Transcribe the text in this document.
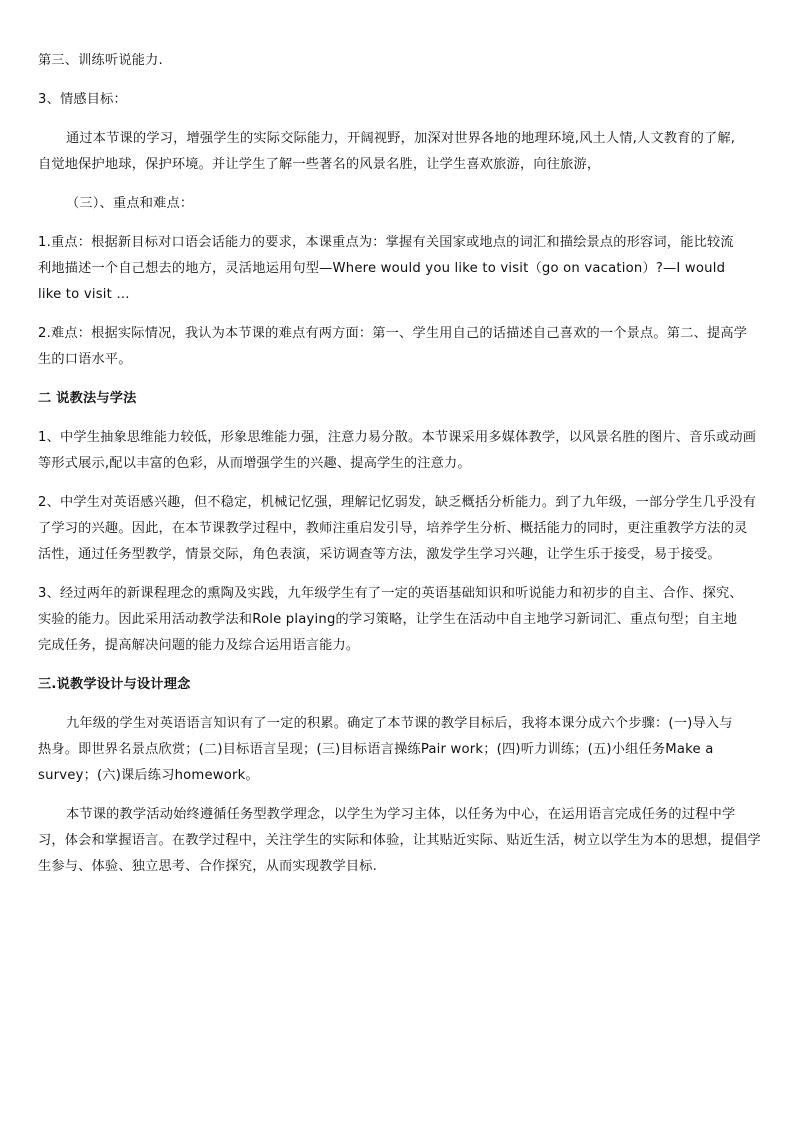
第三、训练听说能力.
3、情感目标：
通过本节课的学习，增强学生的实际交际能力，开阔视野，加深对世界各地的地理环境,风土人情,人文教育的了解,
自觉地保护地球，保护环境。并让学生了解一些著名的风景名胜，让学生喜欢旅游，向往旅游，
（三）、重点和难点：
1.重点：根据新目标对口语会话能力的要求，本课重点为：掌握有关国家或地点的词汇和描绘景点的形容词，能比较流
利地描述一个自己想去的地方，灵活地运用句型—Where would you like to visit（go on vacation）?—I would
like to visit …
2.难点：根据实际情况，我认为本节课的难点有两方面：第一、学生用自己的话描述自己喜欢的一个景点。第二、提高学
生的口语水平。
二 说教法与学法
1、中学生抽象思维能力较低，形象思维能力强，注意力易分散。本节课采用多媒体教学，以风景名胜的图片、音乐或动画
等形式展示,配以丰富的色彩，从而增强学生的兴趣、提高学生的注意力。
2、中学生对英语感兴趣，但不稳定，机械记忆强，理解记忆弱发，缺乏概括分析能力。到了九年级，一部分学生几乎没有
了学习的兴趣。因此，在本节课教学过程中，教师注重启发引导，培养学生分析、概括能力的同时，更注重教学方法的灵
活性，通过任务型教学，情景交际，角色表演，采访调查等方法，激发学生学习兴趣，让学生乐于接受，易于接受。
3、经过两年的新课程理念的熏陶及实践，九年级学生有了一定的英语基础知识和听说能力和初步的自主、合作、探究、
实验的能力。因此采用活动教学法和Role playing的学习策略，让学生在活动中自主地学习新词汇、重点句型；自主地
完成任务，提高解决问题的能力及综合运用语言能力。
三.说教学设计与设计理念
九年级的学生对英语语言知识有了一定的积累。确定了本节课的教学目标后，我将本课分成六个步骤：(一)导入与
热身。即世界名景点欣赏；(二)目标语言呈现；(三)目标语言操练Pair work；(四)听力训练；(五)小组任务Make a
survey；(六)课后练习homework。
本节课的教学活动始终遵循任务型教学理念，以学生为学习主体，以任务为中心，在运用语言完成任务的过程中学
习，体会和掌握语言。在教学过程中，关注学生的实际和体验，让其贴近实际、贴近生活，树立以学生为本的思想，提倡学
生参与、体验、独立思考、合作探究，从而实现教学目标.
